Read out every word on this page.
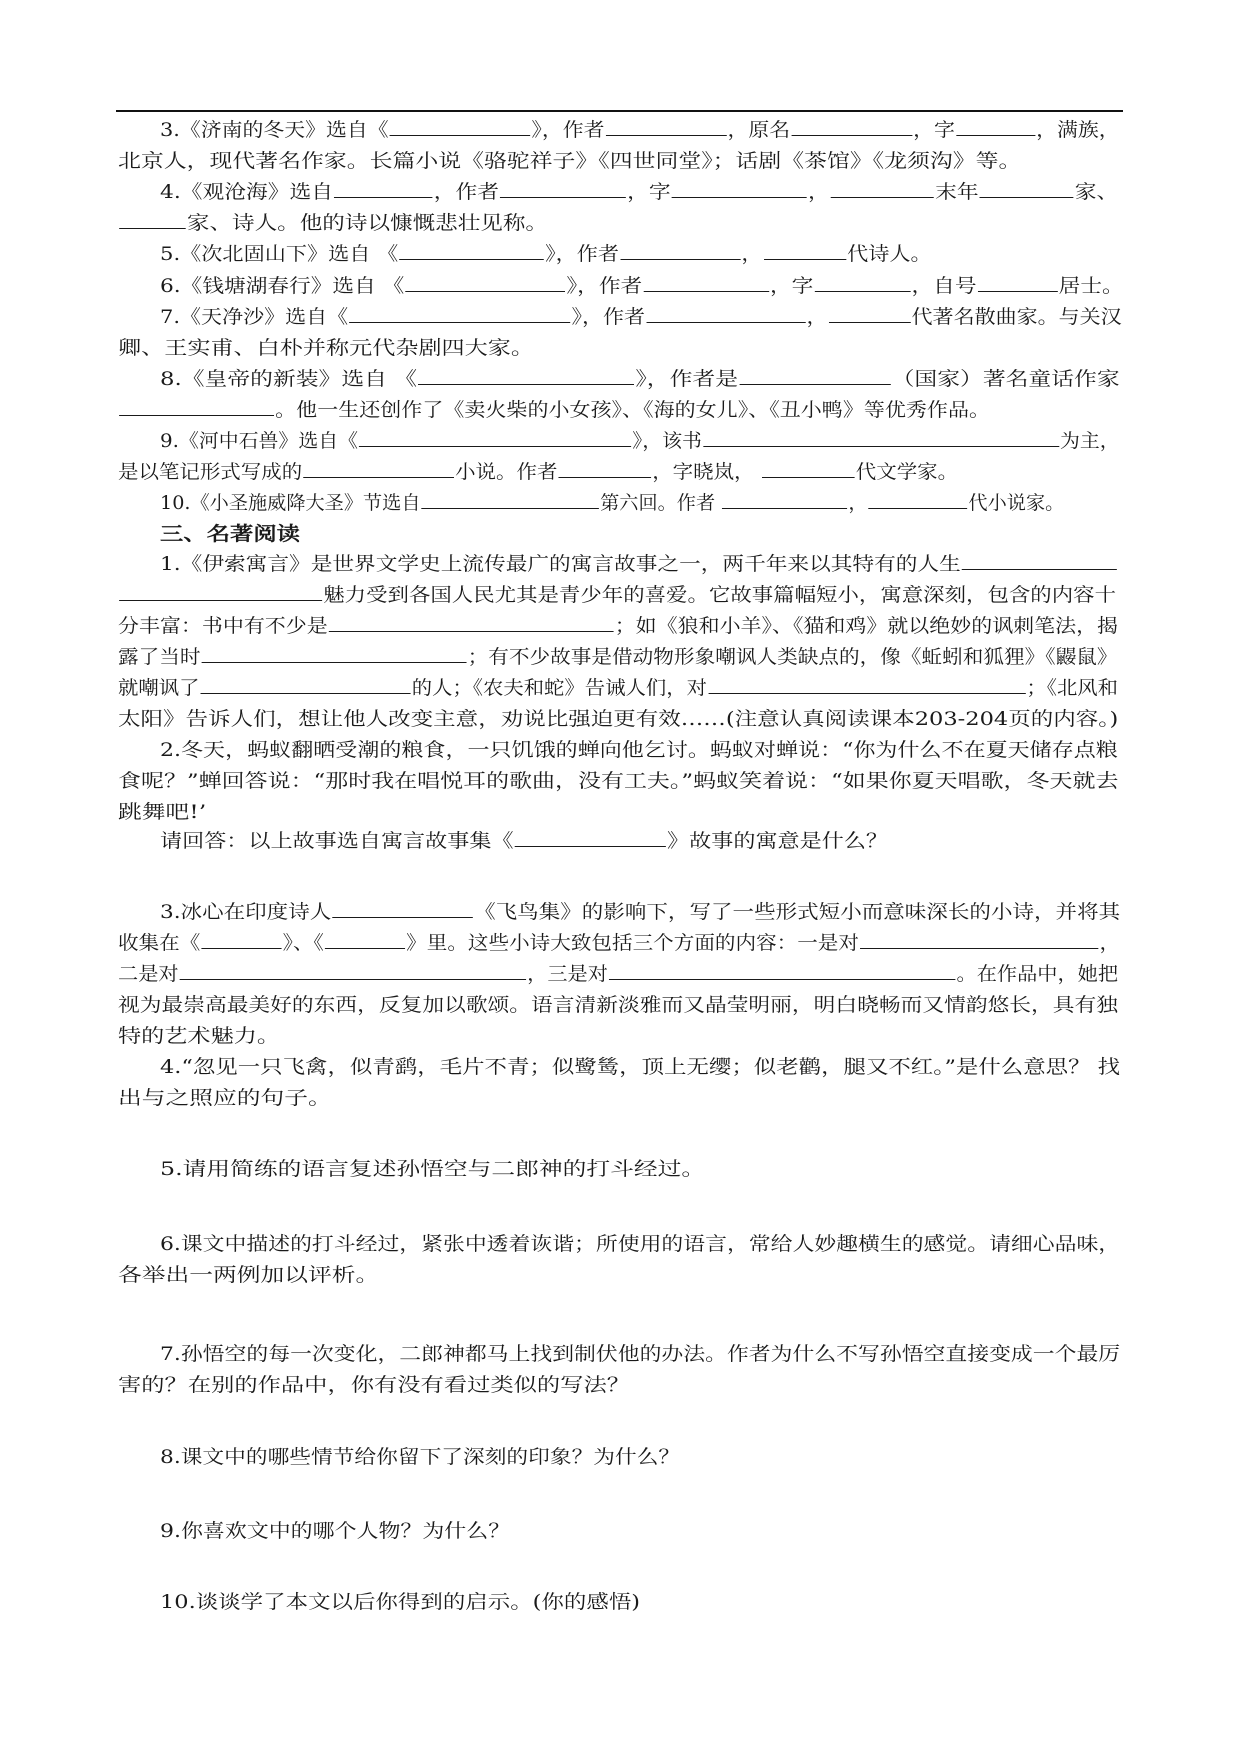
3.《济南的冬天》选自《	》，作者	，原名	，字	，满族，
北京人，现代著名作家。长篇小说《骆驼祥子》《四世同堂》；话剧《茶馆》《龙须沟》等。
4.《观沧海》选自	，作者	，字	，	末年	家、
家、诗人。他的诗以慷慨悲壮见称。
5.《次北固山下》选自 《	》，作者	，	代诗人。
6.《钱塘湖春行》选自 《	》，作者	，字	，自号	居士。
7.《天净沙》选自《	》，作者	，	代著名散曲家。与关汉
卿、王实甫、白朴并称元代杂剧四大家。
8.《皇帝的新装》选自 《	》，作者是	（国家）著名童话作家
。他一生还创作了《卖火柴的小女孩》、《海的女儿》、《丑小鸭》等优秀作品。
9.《河中石兽》选自《	》，该书	为主，
是以笔记形式写成的	小说。作者	，字晓岚，	代文学家。
10.《小圣施威降大圣》节选自	第六回。作者	，	代小说家。
三、名著阅读
1.《伊索寓言》是世界文学史上流传最广的寓言故事之一，两千年来以其特有的人生
魅力受到各国人民尤其是青少年的喜爱。它故事篇幅短小，寓意深刻，包含的内容十
分丰富：书中有不少是	；如《狼和小羊》、《猫和鸡》就以绝妙的讽刺笔法，揭
露了当时	；有不少故事是借动物形象嘲讽人类缺点的，像《蚯蚓和狐狸》《鼹鼠》
就嘲讽了	的人；《农夫和蛇》告诫人们，对	；《北风和
太阳》告诉人们，想让他人改变主意，劝说比强迫更有效……(注意认真阅读课本203-204页的内容。)
2.冬天，蚂蚁翻晒受潮的粮食，一只饥饿的蝉向他乞讨。蚂蚁对蝉说：“你为什么不在夏天储存点粮
食呢？”蝉回答说：“那时我在唱悦耳的歌曲，没有工夫。”蚂蚁笑着说：“如果你夏天唱歌，冬天就去
跳舞吧!’
请回答：以上故事选自寓言故事集《	》故事的寓意是什么？
3.冰心在印度诗人	《飞鸟集》的影响下，写了一些形式短小而意味深长的小诗，并将其
收集在《	》、《	》里。这些小诗大致包括三个方面的内容：一是对	，
二是对	，三是对	。在作品中，她把
视为最崇高最美好的东西，反复加以歌颂。语言清新淡雅而又晶莹明丽，明白晓畅而又情韵悠长，具有独
特的艺术魅力。
4.“忽见一只飞禽，似青鹞，毛片不青；似鹭鸶，顶上无缨；似老鹳，腿又不红。”是什么意思？ 找
出与之照应的句子。
5.请用简练的语言复述孙悟空与二郎神的打斗经过。
6.课文中描述的打斗经过，紧张中透着诙谐；所使用的语言，常给人妙趣横生的感觉。请细心品味，
各举出一两例加以评析。
7.孙悟空的每一次变化，二郎神都马上找到制伏他的办法。作者为什么不写孙悟空直接变成一个最厉
害的？在别的作品中，你有没有看过类似的写法？
8.课文中的哪些情节给你留下了深刻的印象？为什么？
9.你喜欢文中的哪个人物？为什么？
10.谈谈学了本文以后你得到的启示。(你的感悟)
